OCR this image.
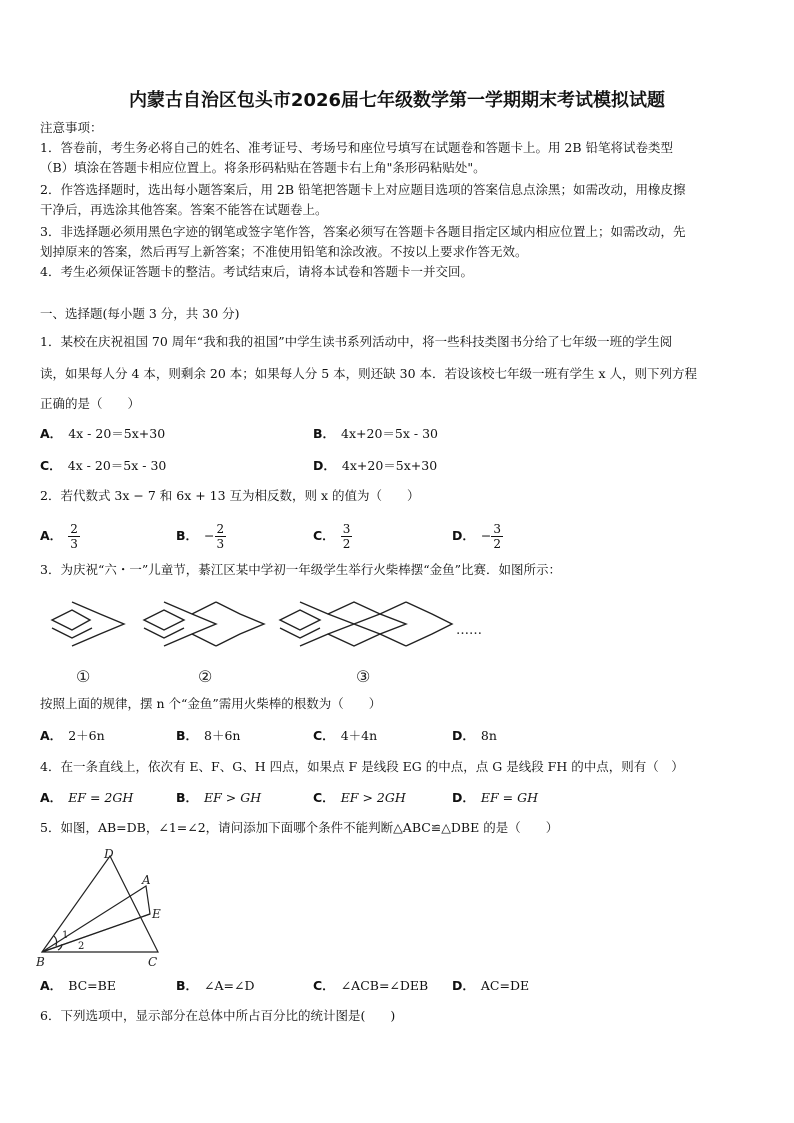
内蒙古自治区包头市2026届七年级数学第一学期期末考试模拟试题
注意事项：
1．答卷前，考生务必将自己的姓名、准考证号、考场号和座位号填写在试题卷和答题卡上。用 2B 铅笔将试卷类型
（B）填涂在答题卡相应位置上。将条形码粘贴在答题卡右上角"条形码粘贴处"。
2．作答选择题时，选出每小题答案后，用 2B 铅笔把答题卡上对应题目选项的答案信息点涂黑；如需改动，用橡皮擦
干净后，再选涂其他答案。答案不能答在试题卷上。
3．非选择题必须用黑色字迹的钢笔或签字笔作答，答案必须写在答题卡各题目指定区域内相应位置上；如需改动，先
划掉原来的答案，然后再写上新答案；不准使用铅笔和涂改液。不按以上要求作答无效。
4．考生必须保证答题卡的整洁。考试结束后，请将本试卷和答题卡一并交回。
一、选择题(每小题 3 分，共 30 分)
1．某校在庆祝祖国 70 周年“我和我的祖国”中学生读书系列活动中，将一些科技类图书分给了七年级一班的学生阅
读，如果每人分 4 本，则剩余 20 本；如果每人分 5 本，则还缺 30 本．若设该校七年级一班有学生 x 人，则下列方程
正确的是（　　）
A． 4x - 20＝5x+30	B． 4x+20＝5x - 30
C． 4x - 20＝5x - 30	D． 4x+20＝5x+30
2．若代数式 3x − 7 和 6x + 13 互为相反数，则 x 的值为（　　）
A． $\frac{2}{3}$	B． − $\frac{2}{3}$	C． $\frac{3}{2}$	D． − $\frac{3}{2}$
3．为庆祝“六・一”儿童节，綦江区某中学初一年级学生举行火柴棒摆“金鱼”比赛．如图所示：
……
①	②	③
按照上面的规律，摆 n 个“金鱼”需用火柴棒的根数为（　　）
A． 2＋6n	B． 8＋6n	C． 4＋4n	D． 8n
4．在一条直线上，依次有 E、F、G、H 四点，如果点 F 是线段 EG 的中点，点 G 是线段 FH 的中点，则有（　）
A． EF = 2GH	B． EF > GH	C． EF > 2GH	D． EF = GH
5．如图，AB=DB，∠1=∠2，请问添加下面哪个条件不能判断△ABC≌△DBE 的是（　　）
D
A
E
B	C
1
2
A． BC=BE	B． ∠A=∠D	C． ∠ACB=∠DEB D． AC=DE
6．下列选项中，显示部分在总体中所占百分比的统计图是(　　)
